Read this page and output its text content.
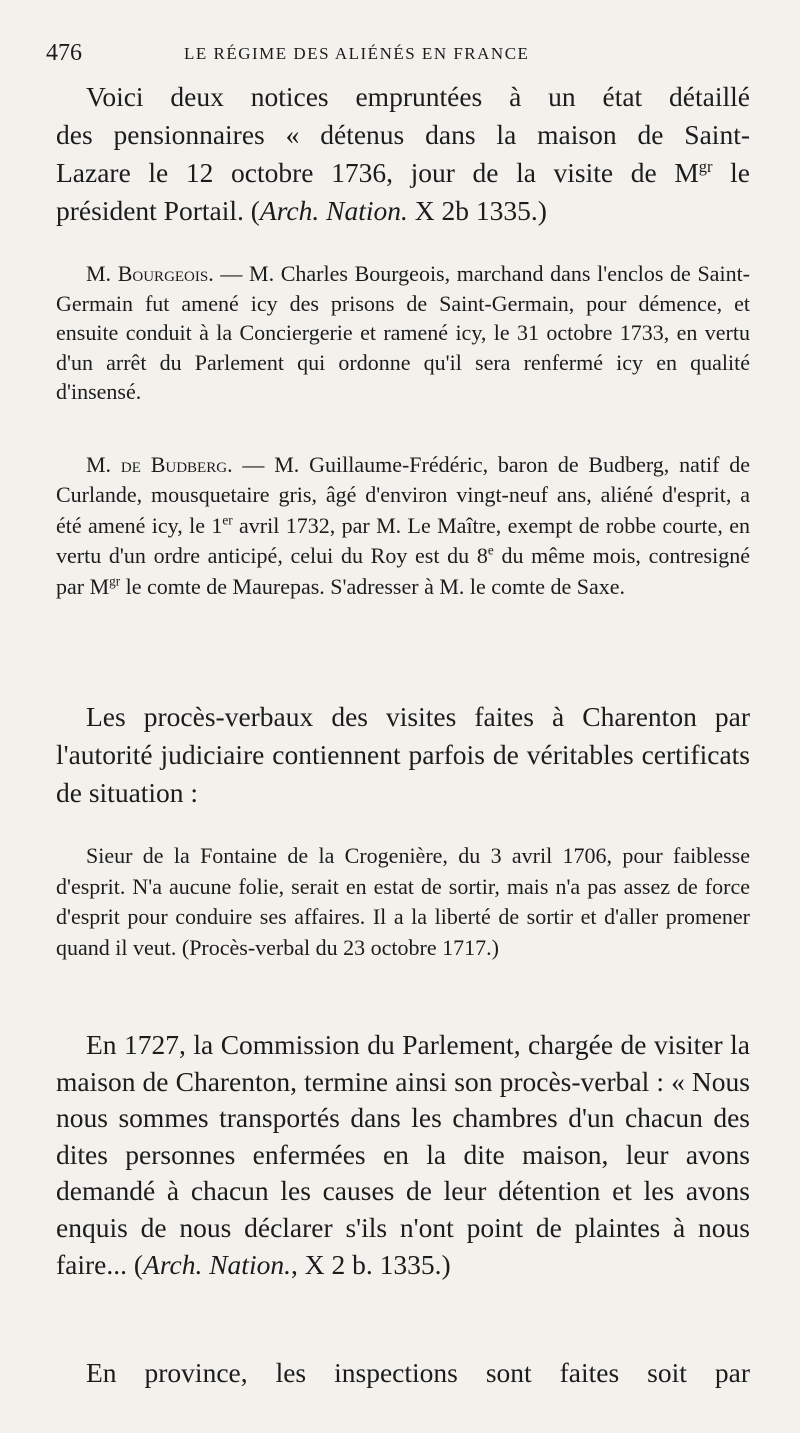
476	LE RÉGIME DES ALIÉNÉS EN FRANCE
Voici deux notices empruntées à un état détaillé
des pensionnaires « détenus dans la maison de Saint-
Lazare le 12 octobre 1736, jour de la visite de $M^{gr}$ le
président Portail. (Arch. Nation. X 2b 1335.)

M. Bourgeois. — M. Charles Bourgeois, marchand dans l'enclos de Saint-Germain fut amené icy des prisons de Saint-Germain, pour démence, et ensuite conduit à la Conciergerie et ramené icy, le 31 octobre 1733, en vertu d'un arrêt du Parlement qui ordonne qu'il sera renfermé icy en qualité d'insensé.

M. de Budberg. — M. Guillaume-Frédéric, baron de Budberg, natif de Curlande, mousquetaire gris, âgé d'environ vingt-neuf ans, aliéné d'esprit, a été amené icy, le 1er avril 1732, par M. Le Maître, exempt de robbe courte, en vertu d'un ordre anticipé, celui du Roy est du 8e du même mois, contresigné par $M^{gr}$ le comte de Maurepas. S'adresser à M. le comte de Saxe.

Les procès-verbaux des visites faites à Charenton par l'autorité judiciaire contiennent parfois de véritables certificats de situation :

Sieur de la Fontaine de la Crogenière, du 3 avril 1706, pour faiblesse d'esprit. N'a aucune folie, serait en estat de sortir, mais n'a pas assez de force d'esprit pour conduire ses affaires. Il a la liberté de sortir et d'aller promener quand il veut. (Procès-verbal du 23 octobre 1717.)

En 1727, la Commission du Parlement, chargée de visiter la maison de Charenton, termine ainsi son procès-verbal : « Nous nous sommes transportés dans les chambres d'un chacun des dites personnes enfermées en la dite maison, leur avons demandé à chacun les causes de leur détention et les avons enquis de nous déclarer s'ils n'ont point de plaintes à nous faire... (Arch. Nation., X 2 b. 1335.)

En province, les inspections sont faites soit par
